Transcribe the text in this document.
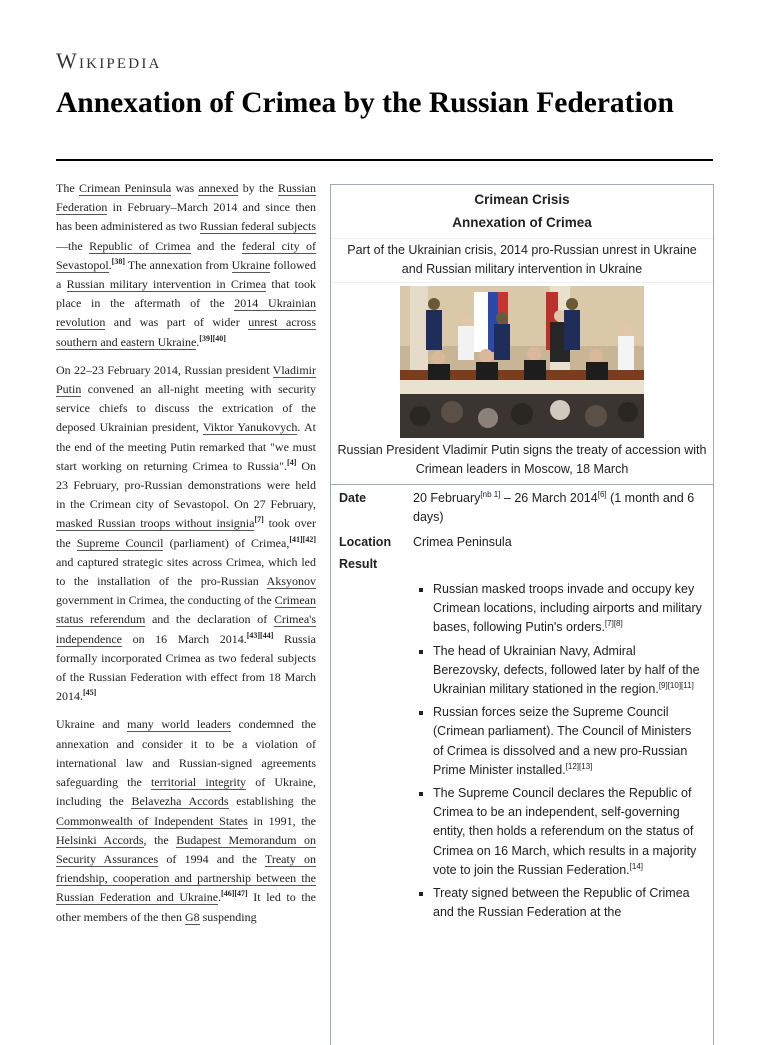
Wikipedia
Annexation of Crimea by the Russian Federation

The Crimean Peninsula was annexed by the Russian Federation in February–March 2014 and since then has been administered as two Russian federal subjects—the Republic of Crimea and the federal city of Sevastopol.[38] The annexation from Ukraine followed a Russian military intervention in Crimea that took place in the aftermath of the 2014 Ukrainian revolution and was part of wider unrest across southern and eastern Ukraine.[39][40]

On 22–23 February 2014, Russian president Vladimir Putin convened an all-night meeting with security service chiefs to discuss the extrication of the deposed Ukrainian president, Viktor Yanukovych. At the end of the meeting Putin remarked that "we must start working on returning Crimea to Russia".[4] On 23 February, pro-Russian demonstrations were held in the Crimean city of Sevastopol. On 27 February, masked Russian troops without insignia[7] took over the Supreme Council (parliament) of Crimea,[41][42] and captured strategic sites across Crimea, which led to the installation of the pro-Russian Aksyonov government in Crimea, the conducting of the Crimean status referendum and the declaration of Crimea's independence on 16 March 2014.[43][44] Russia formally incorporated Crimea as two federal subjects of the Russian Federation with effect from 18 March 2014.[45]

Ukraine and many world leaders condemned the annexation and consider it to be a violation of international law and Russian-signed agreements safeguarding the territorial integrity of Ukraine, including the Belavezha Accords establishing the Commonwealth of Independent States in 1991, the Helsinki Accords, the Budapest Memorandum on Security Assurances of 1994 and the Treaty on friendship, cooperation and partnership between the Russian Federation and Ukraine.[46][47] It led to the other members of the then G8 suspending

Crimean Crisis
Annexation of Crimea
Part of the Ukrainian crisis, 2014 pro-Russian unrest in Ukraine and Russian military intervention in Ukraine
Russian President Vladimir Putin signs the treaty of accession with Crimean leaders in Moscow, 18 March
Date	20 February[nb 1] – 26 March 2014[6] (1 month and 6 days)
Location	Crimea Peninsula
Result
▪ Russian masked troops invade and occupy key Crimean locations, including airports and military bases, following Putin's orders.[7][8]
▪ The head of Ukrainian Navy, Admiral Berezovsky, defects, followed later by half of the Ukrainian military stationed in the region.[9][10][11]
▪ Russian forces seize the Supreme Council (Crimean parliament). The Council of Ministers of Crimea is dissolved and a new pro-Russian Prime Minister installed.[12][13]
▪ The Supreme Council declares the Republic of Crimea to be an independent, self-governing entity, then holds a referendum on the status of Crimea on 16 March, which results in a majority vote to join the Russian Federation.[14]
▪ Treaty signed between the Republic of Crimea and the Russian Federation at the
